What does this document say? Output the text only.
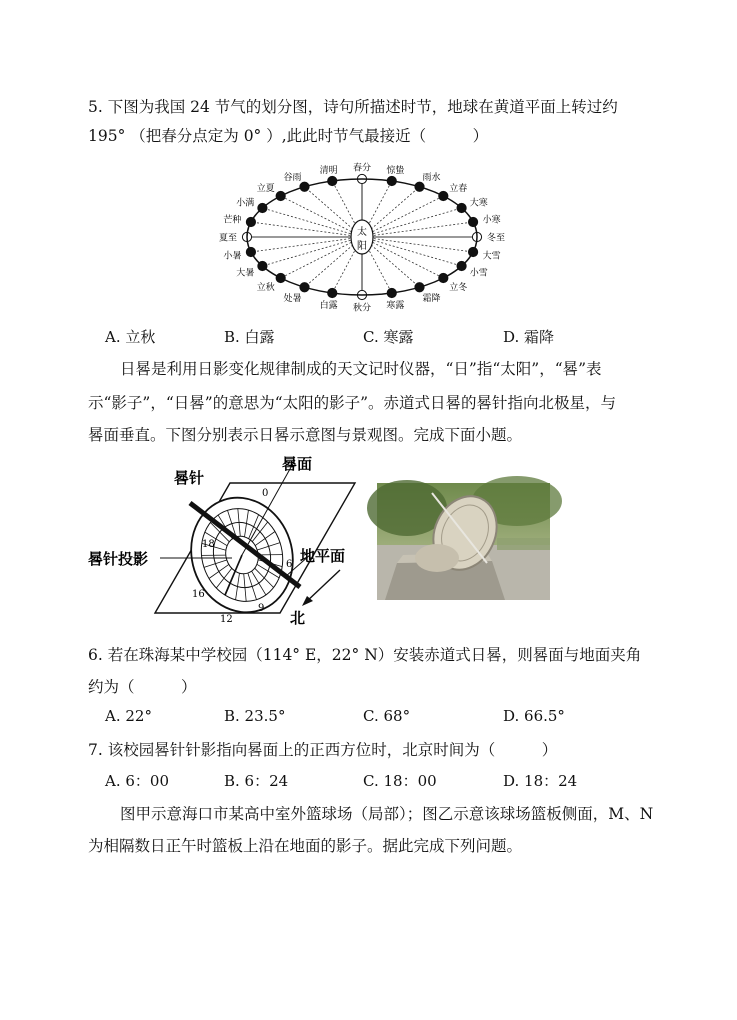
5. 下图为我国 24 节气的划分图，诗句所描述时节，地球在黄道平面上转过约
195° （把春分点定为 0° ）,此此时节气最接近（　　　）
春分 惊蛰
雨水
立春
大寒
小寒
冬至
大雪
小雪
立冬
霜降
寒露
秋分
白露
处暑
立秋
大暑
小暑
夏至
芒种
小满
立夏
谷雨
清明
太
阳
A. 立秋	B. 白露	C. 寒露	D. 霜降
日晷是利用日影变化规律制成的天文记时仪器，“日”指“太阳”，“晷”表
示“影子”，“日晷”的意思为“太阳的影子”。赤道式日晷的晷针指向北极星，与
晷面垂直。下图分别表示日晷示意图与景观图。完成下面小题。
晷针
晷面
晷针投影	地平面
北
0
18
6
12
16
9
6. 若在珠海某中学校园（114° E，22° N）安装赤道式日晷，则晷面与地面夹角
约为（　　　）
A. 22°	B. 23.5°	C. 68°	D. 66.5°
7. 该校园晷针针影指向晷面上的正西方位时，北京时间为（　　　）
A. 6：00	B. 6：24	C. 18：00	D. 18：24
图甲示意海口市某高中室外篮球场（局部）；图乙示意该球场篮板侧面，M、N
为相隔数日正午时篮板上沿在地面的影子。据此完成下列问题。
